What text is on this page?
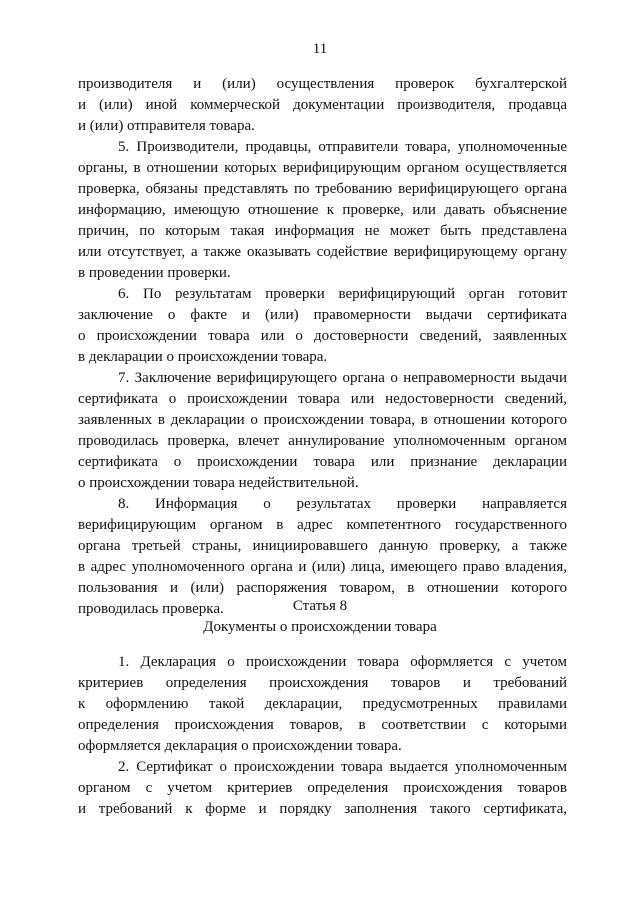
11
производителя и (или) осуществления проверок бухгалтерской
и (или) иной коммерческой документации производителя, продавца
и (или) отправителя товара.
5. Производители, продавцы, отправители товара, уполномоченные
органы, в отношении которых верифицирующим органом осуществляется
проверка, обязаны представлять по требованию верифицирующего органа
информацию, имеющую отношение к проверке, или давать объяснение
причин, по которым такая информация не может быть представлена
или отсутствует, а также оказывать содействие верифицирующему органу
в проведении проверки.
6. По результатам проверки верифицирующий орган готовит
заключение о факте и (или) правомерности выдачи сертификата
о происхождении товара или о достоверности сведений, заявленных
в декларации о происхождении товара.
7. Заключение верифицирующего органа о неправомерности выдачи
сертификата о происхождении товара или недостоверности сведений,
заявленных в декларации о происхождении товара, в отношении которого
проводилась проверка, влечет аннулирование уполномоченным органом
сертификата о происхождении товара или признание декларации
о происхождении товара недействительной.
8. Информация о результатах проверки направляется
верифицирующим органом в адрес компетентного государственного
органа третьей страны, инициировавшего данную проверку, а также
в адрес уполномоченного органа и (или) лица, имеющего право владения,
пользования и (или) распоряжения товаром, в отношении которого
проводилась проверка.	Статья 8
Документы о происхождении товара
1. Декларация о происхождении товара оформляется с учетом
критериев определения происхождения товаров и требований
к оформлению такой декларации, предусмотренных правилами
определения происхождения товаров, в соответствии с которыми
оформляется декларация о происхождении товара.
2. Сертификат о происхождении товара выдается уполномоченным
органом с учетом критериев определения происхождения товаров
и требований к форме и порядку заполнения такого сертификата,
